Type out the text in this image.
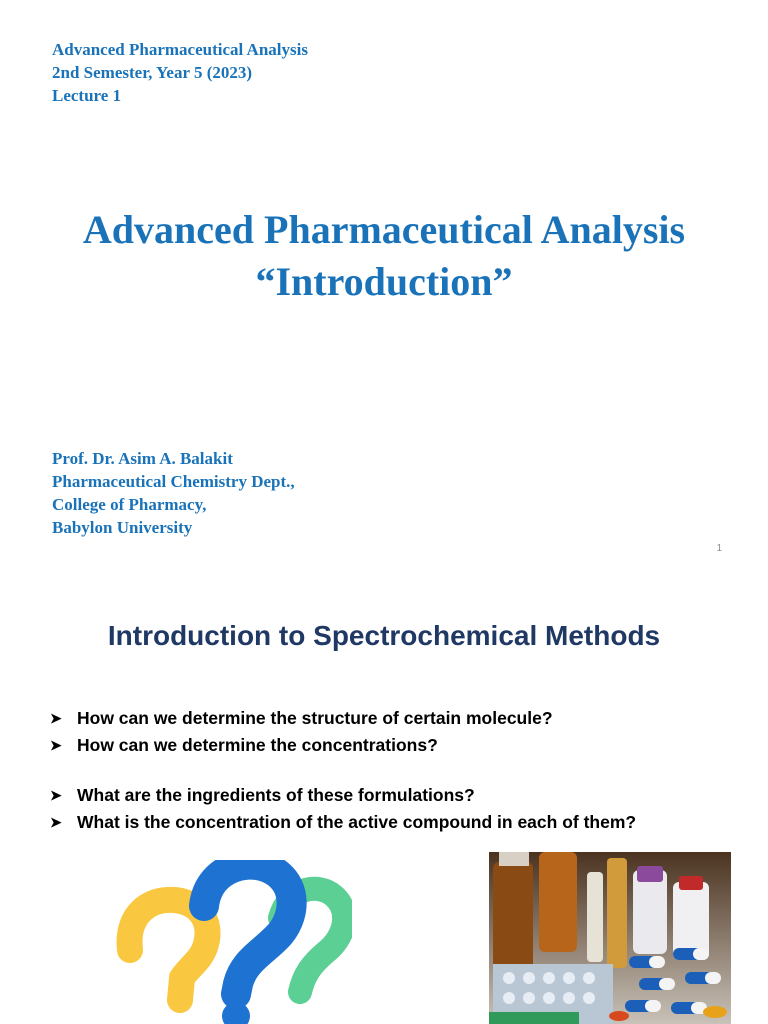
Advanced Pharmaceutical Analysis
2nd Semester, Year 5 (2023)
Lecture 1
Advanced Pharmaceutical Analysis
“Introduction”
Prof. Dr. Asim A. Balakit
Pharmaceutical Chemistry Dept.,
College of Pharmacy,
Babylon University
1
Introduction to Spectrochemical Methods
➤ How can we determine the structure of certain molecule?
➤ How can we determine the concentrations?
➤ What are the ingredients of these formulations?
➤ What is the concentration of the active compound in each of them?
